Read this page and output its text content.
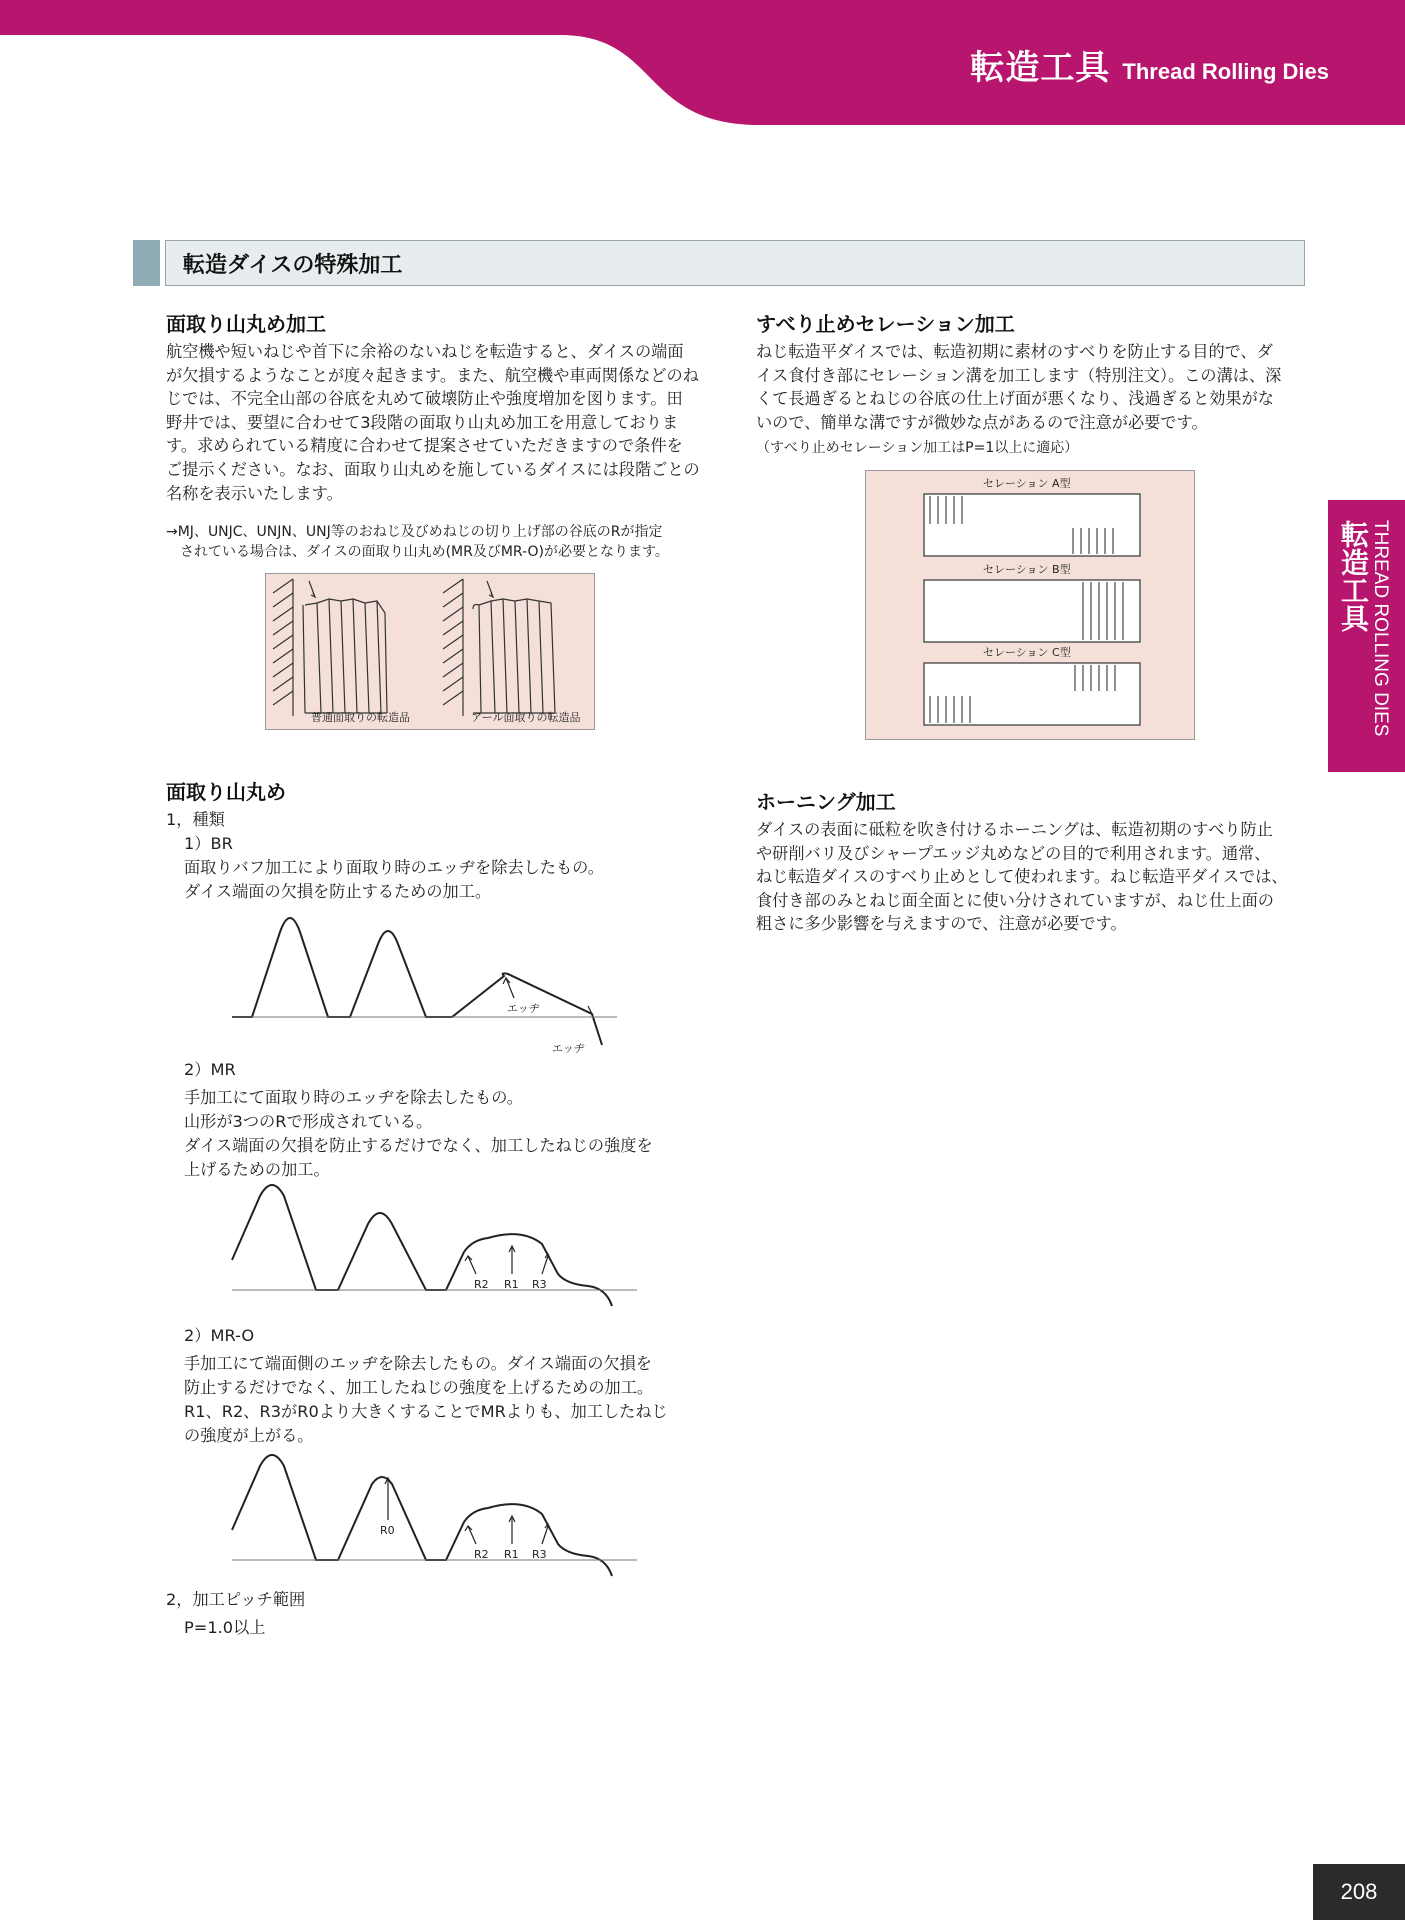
転造工具 Thread Rolling Dies
転造工具 THREAD ROLLING DIES
転造ダイスの特殊加工
面取り山丸め加工
航空機や短いねじや首下に余裕のないねじを転造すると、ダイスの端面
が欠損するようなことが度々起きます。また、航空機や車両関係などのね
じでは、不完全山部の谷底を丸めて破壊防止や強度増加を図ります。田
野井では、要望に合わせて3段階の面取り山丸め加工を用意しておりま
す。求められている精度に合わせて提案させていただきますので条件を
ご提示ください。なお、面取り山丸めを施しているダイスには段階ごとの
名称を表示いたします。
→MJ、UNJC、UNJN、UNJ等のおねじ及びめねじの切り上げ部の谷底のRが指定
　されている場合は、ダイスの面取り山丸め(MR及びMR-O)が必要となります。
普通面取りの転造品	アール面取りの転造品
面取り山丸め
1，種類
1）BR
面取りバフ加工により面取り時のエッヂを除去したもの。
ダイス端面の欠損を防止するための加工。
エッヂ
エッヂ
2）MR
手加工にて面取り時のエッヂを除去したもの。
山形が3つのRで形成されている。
ダイス端面の欠損を防止するだけでなく、加工したねじの強度を
上げるための加工。
R2 R1 R3
2）MR-O
手加工にて端面側のエッヂを除去したもの。ダイス端面の欠損を
防止するだけでなく、加工したねじの強度を上げるための加工。
R1、R2、R3がR0より大きくすることでMRよりも、加工したねじ
の強度が上がる。
R0
R2 R1 R3
2，加工ピッチ範囲
P=1.0以上
すべり止めセレーション加工
ねじ転造平ダイスでは、転造初期に素材のすべりを防止する目的で、ダ
イス食付き部にセレーション溝を加工します（特別注文）。この溝は、深
くて長過ぎるとねじの谷底の仕上げ面が悪くなり、浅過ぎると効果がな
いので、簡単な溝ですが微妙な点があるので注意が必要です。
（すべり止めセレーション加工はP=1以上に適応）
セレーション A型
セレーション B型
セレーション C型
ホーニング加工
ダイスの表面に砥粒を吹き付けるホーニングは、転造初期のすべり防止
や研削バリ及びシャープエッジ丸めなどの目的で利用されます。通常、
ねじ転造ダイスのすべり止めとして使われます。ねじ転造平ダイスでは、
食付き部のみとねじ面全面とに使い分けされていますが、ねじ仕上面の
粗さに多少影響を与えますので、注意が必要です。
208
